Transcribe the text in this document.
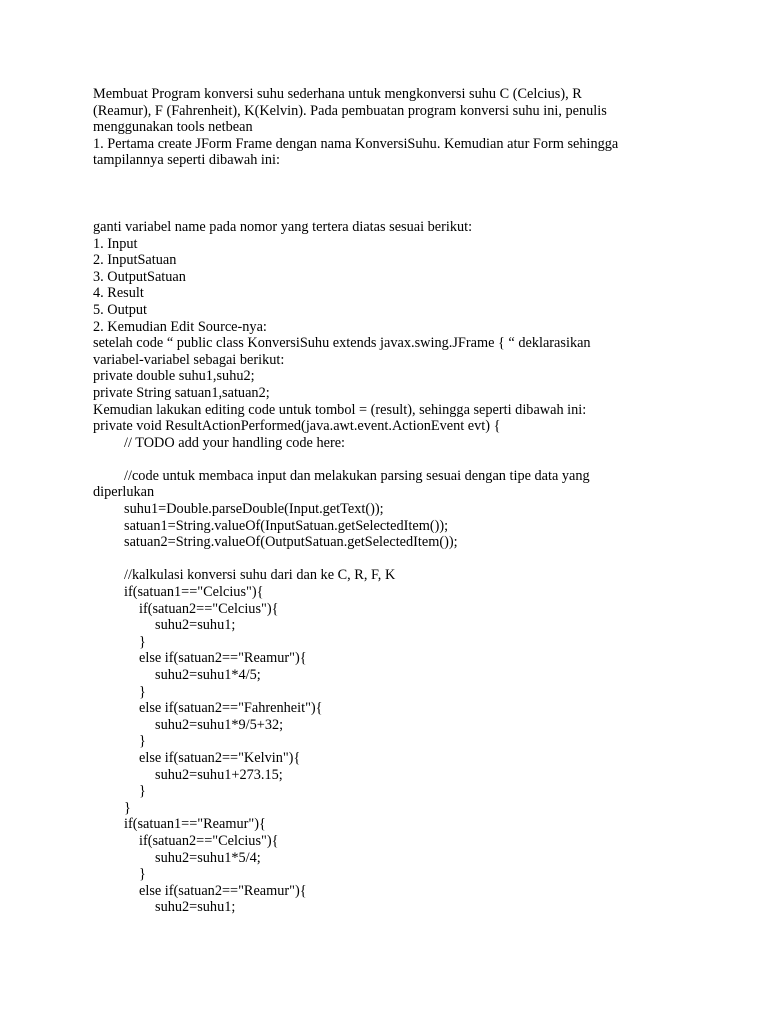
Membuat Program konversi suhu sederhana untuk mengkonversi suhu C (Celcius), R

(Reamur), F (Fahrenheit), K(Kelvin). Pada pembuatan program konversi suhu ini, penulis

menggunakan tools netbean

1. Pertama create JForm Frame dengan nama KonversiSuhu. Kemudian atur Form sehingga

tampilannya seperti dibawah ini:

ganti variabel name pada nomor yang tertera diatas sesuai berikut:

1. Input

2. InputSatuan

3. OutputSatuan

4. Result

5. Output

2. Kemudian Edit Source-nya:

setelah code “ public class KonversiSuhu extends javax.swing.JFrame { “ deklarasikan

variabel-variabel sebagai berikut:

private double suhu1,suhu2;

private String satuan1,satuan2;

Kemudian lakukan editing code untuk tombol = (result), sehingga seperti dibawah ini:

private void ResultActionPerformed(java.awt.event.ActionEvent evt) {

// TODO add your handling code here:

//code untuk membaca input dan melakukan parsing sesuai dengan tipe data yang

diperlukan

suhu1=Double.parseDouble(Input.getText());

satuan1=String.valueOf(InputSatuan.getSelectedItem());

satuan2=String.valueOf(OutputSatuan.getSelectedItem());

//kalkulasi konversi suhu dari dan ke C, R, F, K

if(satuan1=="Celcius"){

if(satuan2=="Celcius"){

suhu2=suhu1;

}

else if(satuan2=="Reamur"){

suhu2=suhu1*4/5;

}

else if(satuan2=="Fahrenheit"){

suhu2=suhu1*9/5+32;

}

else if(satuan2=="Kelvin"){

suhu2=suhu1+273.15;

}

}

if(satuan1=="Reamur"){

if(satuan2=="Celcius"){

suhu2=suhu1*5/4;

}

else if(satuan2=="Reamur"){

suhu2=suhu1;
